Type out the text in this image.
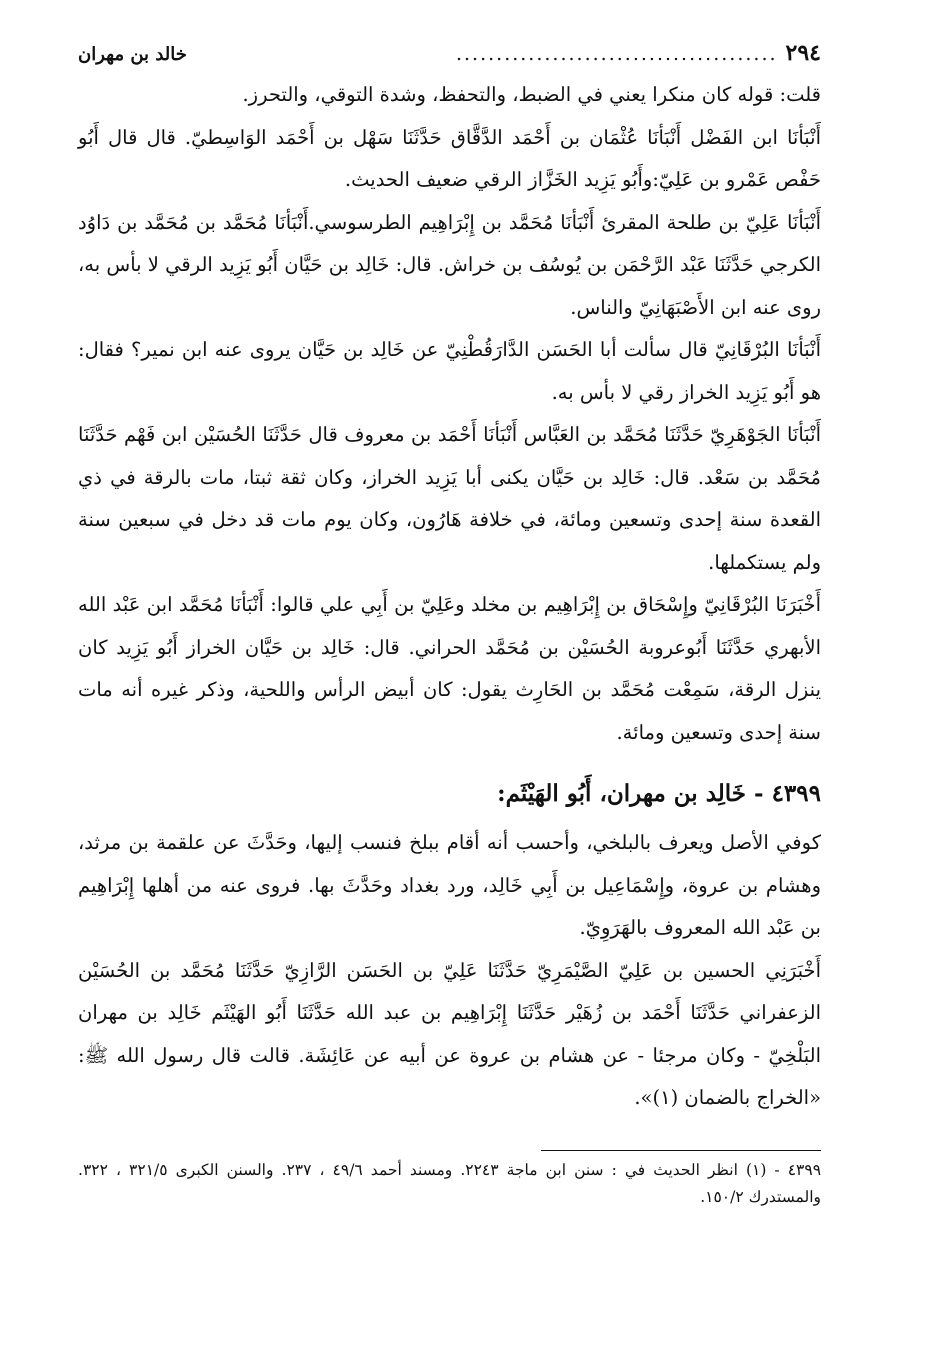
٢٩٤
........................................
خالد بن مهران

قلت: قوله كان منكرا يعني في الضبط، والتحفظ، وشدة التوقي، والتحرز.

أَنْبَأنَا ابن الفَضْل أَنْبَأنَا عُثْمَان بن أَحْمَد الدَّقَّاق حَدَّثَنَا سَهْل بن أَحْمَد الوَاسِطيّ. قال قال أَبُو حَفْص عَمْرو بن عَلِيّ:وأَبُو يَزِيد الخَزَّاز الرقي ضعيف الحديث.

أَنْبَأنَا عَلِيّ بن طلحة المقرئ أَنْبَأنَا مُحَمَّد بن إِبْرَاهِيم الطرسوسي.أَنْبَأنَا مُحَمَّد بن مُحَمَّد بن دَاوُد الكرجي حَدَّثَنَا عَبْد الرَّحْمَن بن يُوسُف بن خراش. قال: خَالِد بن حَيَّان أَبُو يَزِيد الرقي لا بأس به، روى عنه ابن الأَصْبَهَانِيّ والناس.

أَنْبَأنَا البُرْقَانِيّ قال سألت أبا الحَسَن الدَّارَقُطْنِيّ عن خَالِد بن حَيَّان يروى عنه ابن نمير؟ فقال: هو أَبُو يَزِيد الخراز رقي لا بأس به.

أَنْبَأنَا الجَوْهَرِيّ حَدَّثَنَا مُحَمَّد بن العَبَّاس أَنْبَأنَا أَحْمَد بن معروف قال حَدَّثَنَا الحُسَيْن ابن فَهْم حَدَّثَنَا مُحَمَّد بن سَعْد. قال: خَالِد بن حَيَّان يكنى أبا يَزِيد الخراز، وكان ثقة ثبتا، مات بالرقة في ذي القعدة سنة إحدى وتسعين ومائة، في خلافة هَارُون، وكان يوم مات قد دخل في سبعين سنة ولم يستكملها.

أَخْبَرَنَا البُرْقَانِيّ وإِسْحَاق بن إِبْرَاهِيم بن مخلد وعَلِيّ بن أَبِي علي قالوا: أَنْبَأنَا مُحَمَّد ابن عَبْد الله الأبهري حَدَّثَنَا أَبُوعروبة الحُسَيْن بن مُحَمَّد الحراني. قال: خَالِد بن حَيَّان الخراز أَبُو يَزِيد كان ينزل الرقة، سَمِعْت مُحَمَّد بن الحَارِث يقول: كان أبيض الرأس واللحية، وذكر غيره أنه مات سنة إحدى وتسعين ومائة.

٤٣٩٩ - خَالِد بن مهران، أَبُو الهَيْثَم:

كوفي الأصل ويعرف بالبلخي، وأحسب أنه أقام ببلخ فنسب إليها، وحَدَّثَ عن علقمة بن مرثد، وهشام بن عروة، وإِسْمَاعِيل بن أَبِي خَالِد، ورد بغداد وحَدَّثَ بها. فروى عنه من أهلها إِبْرَاهِيم بن عَبْد الله المعروف بالهَرَوِيّ.

أَخْبَرَنِي الحسين بن عَلِيّ الصَّيْمَرِيّ حَدَّثَنَا عَلِيّ بن الحَسَن الرَّازِيّ حَدَّثَنَا مُحَمَّد بن الحُسَيْن الزعفراني حَدَّثَنَا أَحْمَد بن زُهَيْر حَدَّثَنَا إِبْرَاهِيم بن عبد الله حَدَّثَنَا أَبُو الهَيْثَم خَالِد بن مهران البَلْخِيّ - وكان مرجئا - عن هشام بن عروة عن أبيه عن عَائِشَة. قالت قال رسول الله ﷺ: «الخراج بالضمان (١)».

٤٣٩٩ - (١) انظر الحديث في : سنن ابن ماجة ٢٢٤٣. ومسند أحمد ٤٩/٦ ، ٢٣٧. والسنن الكبرى ٣٢١/٥ ، ٣٢٢. والمستدرك ١٥٠/٢.
